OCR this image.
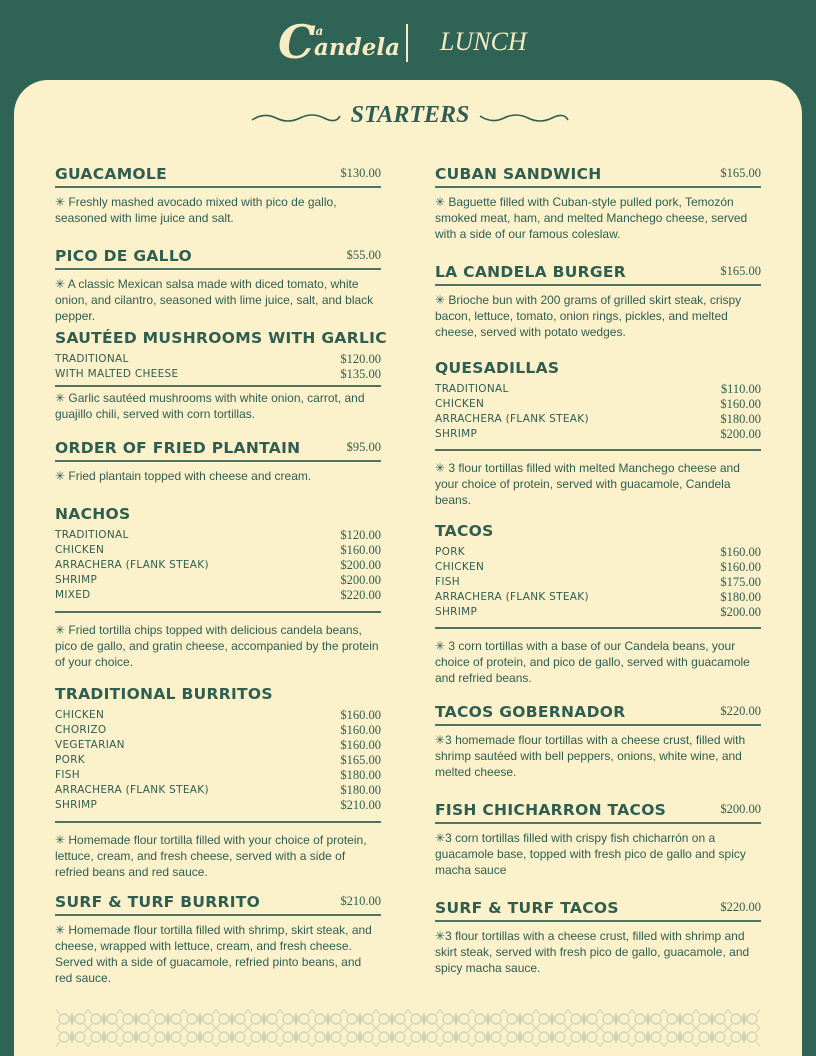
C
la
andela LUNCH
STARTERS
GUACAMOLE	$130.00
✳ Freshly mashed avocado mixed with pico de gallo, seasoned with lime juice and salt.
PICO DE GALLO	$55.00
✳ A classic Mexican salsa made with diced tomato, white onion, and cilantro, seasoned with lime juice, salt, and black pepper.
SAUTÉED MUSHROOMS WITH GARLIC
TRADITIONAL	$120.00
WITH MALTED CHEESE	$135.00
✳ Garlic sautéed mushrooms with white onion, carrot, and guajillo chili, served with corn tortillas.
ORDER OF FRIED PLANTAIN	$95.00
✳ Fried plantain topped with cheese and cream.
NACHOS
TRADITIONAL	$120.00
CHICKEN	$160.00
ARRACHERA (FLANK STEAK)	$200.00
SHRIMP	$200.00
MIXED	$220.00
✳ Fried tortilla chips topped with delicious candela beans, pico de gallo, and gratin cheese, accompanied by the protein of your choice.
TRADITIONAL BURRITOS
CHICKEN	$160.00
CHORIZO	$160.00
VEGETARIAN	$160.00
PORK	$165.00
FISH	$180.00
ARRACHERA (FLANK STEAK)	$180.00
SHRIMP	$210.00
✳ Homemade flour tortilla filled with your choice of protein, lettuce, cream, and fresh cheese, served with a side of refried beans and red sauce.
SURF & TURF BURRITO	$210.00
✳ Homemade flour tortilla filled with shrimp, skirt steak, and cheese, wrapped with lettuce, cream, and fresh cheese. Served with a side of guacamole, refried pinto beans, and red sauce.
CUBAN SANDWICH	$165.00
✳ Baguette filled with Cuban-style pulled pork, Temozón smoked meat, ham, and melted Manchego cheese, served with a side of our famous coleslaw.
LA CANDELA BURGER	$165.00
✳ Brioche bun with 200 grams of grilled skirt steak, crispy bacon, lettuce, tomato, onion rings, pickles, and melted cheese, served with potato wedges.
QUESADILLAS
TRADITIONAL	$110.00
CHICKEN	$160.00
ARRACHERA (FLANK STEAK)	$180.00
SHRIMP	$200.00
✳ 3 flour tortillas filled with melted Manchego cheese and your choice of protein, served with guacamole, Candela beans.
TACOS
PORK	$160.00
CHICKEN	$160.00
FISH	$175.00
ARRACHERA (FLANK STEAK)	$180.00
SHRIMP	$200.00
✳ 3 corn tortillas with a base of our Candela beans, your choice of protein, and pico de gallo, served with guacamole and refried beans.
TACOS GOBERNADOR	$220.00
✳3 homemade flour tortillas with a cheese crust, filled with shrimp sautéed with bell peppers, onions, white wine, and melted cheese.
FISH CHICHARRON TACOS	$200.00
✳3 corn tortillas filled with crispy fish chicharrón on a guacamole base, topped with fresh pico de gallo and spicy macha sauce
SURF & TURF TACOS	$220.00
✳3 flour tortillas with a cheese crust, filled with shrimp and skirt steak, served with fresh pico de gallo, guacamole, and spicy macha sauce.
